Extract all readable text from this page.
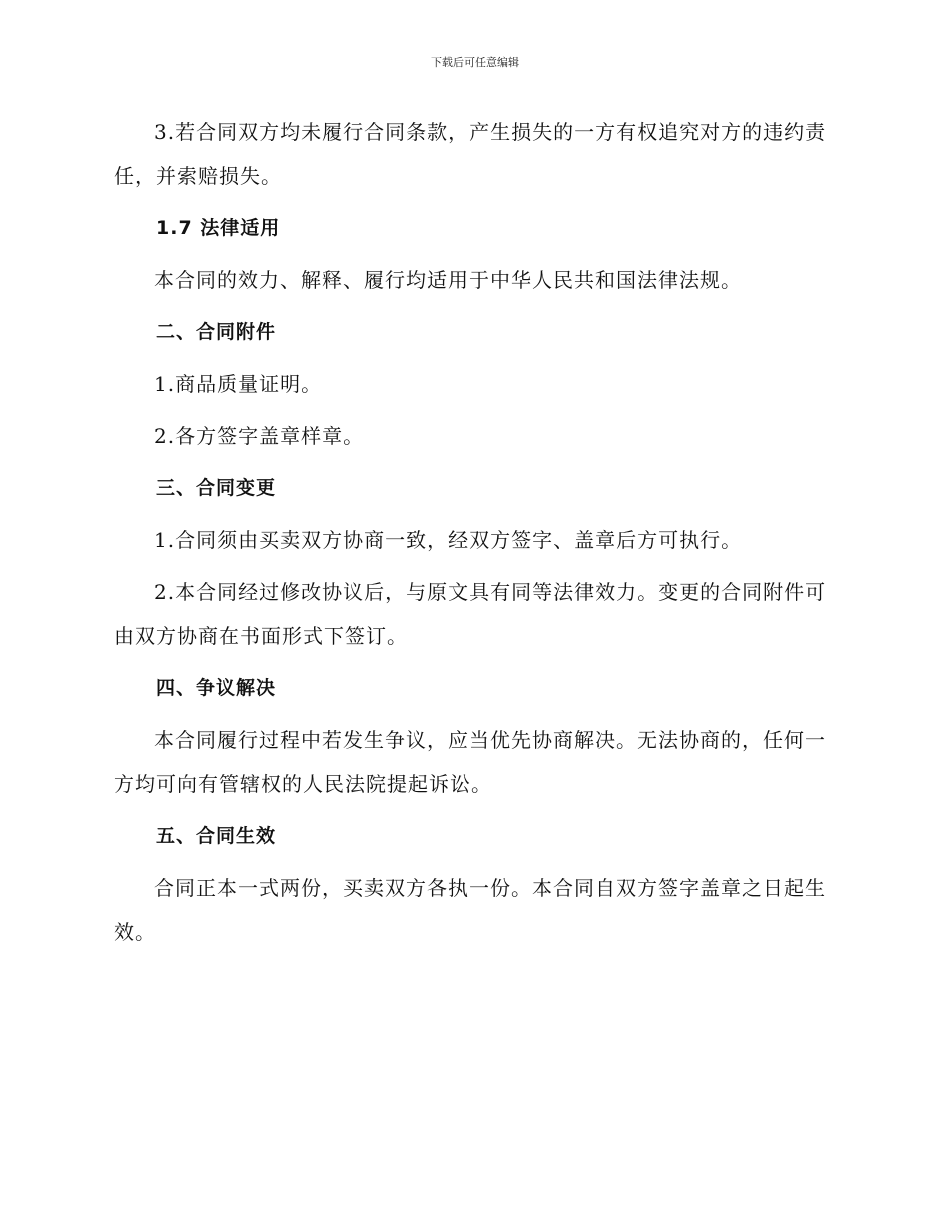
下载后可任意编辑

3.若合同双方均未履行合同条款，产生损失的一方有权追究对方的违约责任，并索赔损失。

1.7 法律适用

本合同的效力、解释、履行均适用于中华人民共和国法律法规。

二、合同附件

1.商品质量证明。

2.各方签字盖章样章。

三、合同变更

1.合同须由买卖双方协商一致，经双方签字、盖章后方可执行。

2.本合同经过修改协议后，与原文具有同等法律效力。变更的合同附件可由双方协商在书面形式下签订。

四、争议解决

本合同履行过程中若发生争议，应当优先协商解决。无法协商的，任何一方均可向有管辖权的人民法院提起诉讼。

五、合同生效

合同正本一式两份，买卖双方各执一份。本合同自双方签字盖章之日起生效。
